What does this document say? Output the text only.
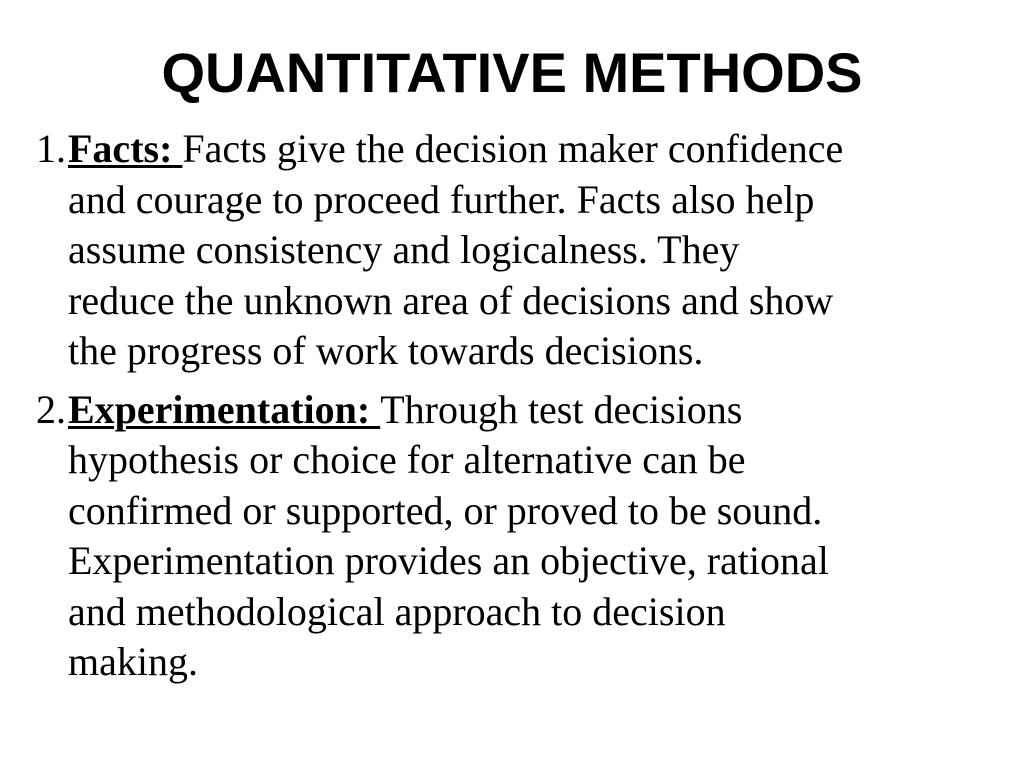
QUANTITATIVE METHODS
1. Facts: Facts give the decision maker confidence
and courage to proceed further. Facts also help
assume consistency and logicalness. They
reduce the unknown area of decisions and show
the progress of work towards decisions.
2. Experimentation: Through test decisions
hypothesis or choice for alternative can be
confirmed or supported, or proved to be sound.
Experimentation provides an objective, rational
and methodological approach to decision
making.
